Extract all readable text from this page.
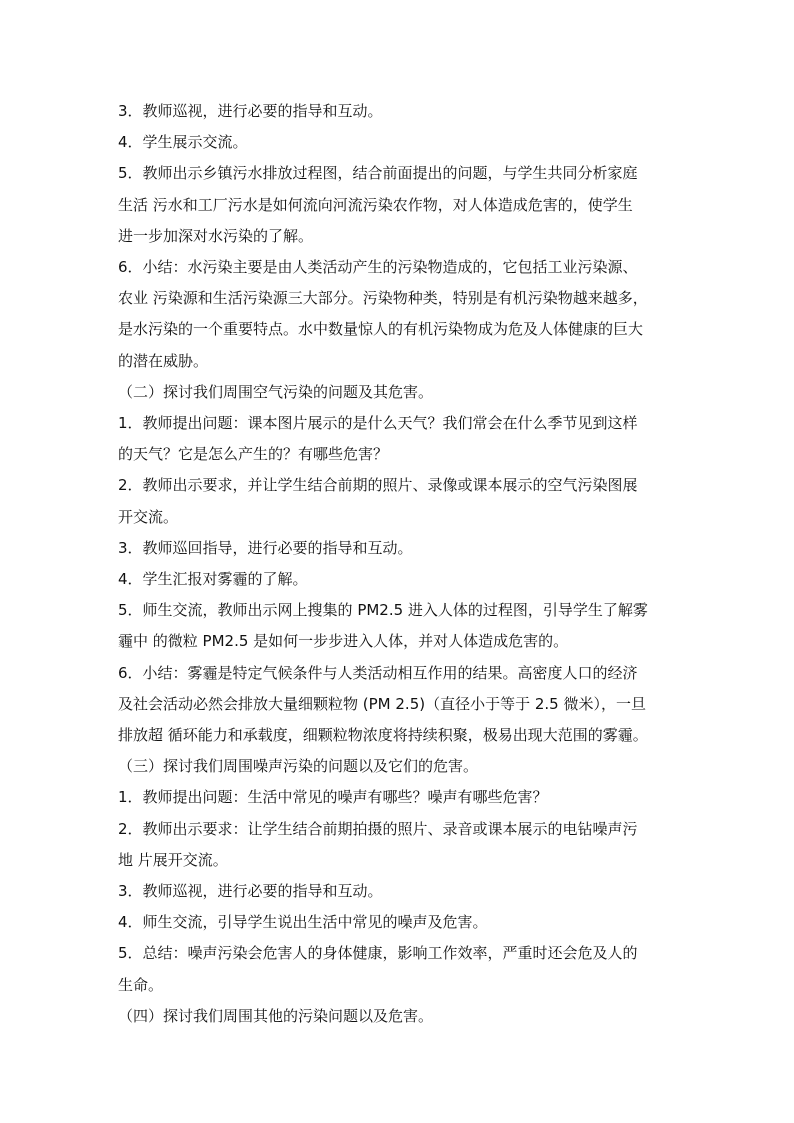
3．教师巡视，进行必要的指导和互动。
4．学生展示交流。
5．教师出示乡镇污水排放过程图，结合前面提出的问题，与学生共同分析家庭
生活 污水和工厂污水是如何流向河流污染农作物，对人体造成危害的，使学生
进一步加深对水污染的了解。
6．小结：水污染主要是由人类活动产生的污染物造成的，它包括工业污染源、
农业 污染源和生活污染源三大部分。污染物种类，特别是有机污染物越来越多，
是水污染的一个重要特点。水中数量惊人的有机污染物成为危及人体健康的巨大
的潜在威胁。
（二）探讨我们周围空气污染的问题及其危害。
1．教师提出问题：课本图片展示的是什么天气？我们常会在什么季节见到这样
的天气？它是怎么产生的？有哪些危害？
2．教师出示要求，并让学生结合前期的照片、录像或课本展示的空气污染图展
开交流。
3．教师巡回指导，进行必要的指导和互动。
4．学生汇报对雾霾的了解。
5．师生交流，教师出示网上搜集的 PM2.5 进入人体的过程图，引导学生了解雾
霾中 的微粒 PM2.5 是如何一步步进入人体，并对人体造成危害的。
6．小结：雾霾是特定气候条件与人类活动相互作用的结果。高密度人口的经济
及社会活动必然会排放大量细颗粒物 (PM 2.5)（直径小于等于 2.5 微米），一旦
排放超 循环能力和承载度，细颗粒物浓度将持续积聚，极易出现大范围的雾霾。
（三）探讨我们周围噪声污染的问题以及它们的危害。
1．教师提出问题：生活中常见的噪声有哪些？噪声有哪些危害？
2．教师出示要求：让学生结合前期拍摄的照片、录音或课本展示的电钻噪声污
地 片展开交流。
3．教师巡视，进行必要的指导和互动。
4．师生交流，引导学生说出生活中常见的噪声及危害。
5．总结：噪声污染会危害人的身体健康，影响工作效率，严重时还会危及人的
生命。
（四）探讨我们周围其他的污染问题以及危害。
